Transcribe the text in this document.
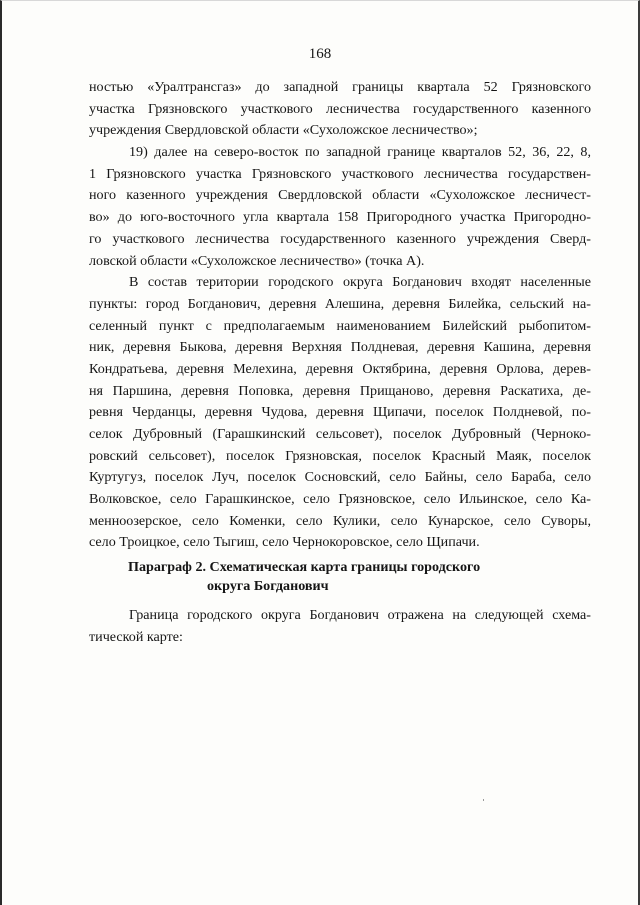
168
ностью «Уралтрансгаз» до западной границы квартала 52 Грязновского
участка Грязновского участкового лесничества государственного казенного
учреждения Свердловской области «Сухоложское лесничество»;
19) далее на северо-восток по западной границе кварталов 52, 36, 22, 8,
1 Грязновского участка Грязновского участкового лесничества государствен-
ного казенного учреждения Свердловской области «Сухоложское лесничест-
во» до юго-восточного угла квартала 158 Пригородного участка Пригородно-
го участкового лесничества государственного казенного учреждения Сверд-
ловской области «Сухоложское лесничество» (точка А).
В состав територии городского округа Богданович входят населенные
пункты: город Богданович, деревня Алешина, деревня Билейка, сельский на-
селенный пункт с предполагаемым наименованием Билейский рыбопитом-
ник, деревня Быкова, деревня Верхняя Полдневая, деревня Кашина, деревня
Кондратьева, деревня Мелехина, деревня Октябрина, деревня Орлова, дерев-
ня Паршина, деревня Поповка, деревня Прищаново, деревня Раскатиха, де-
ревня Черданцы, деревня Чудова, деревня Щипачи, поселок Полдневой, по-
селок Дубровный (Гарашкинский сельсовет), поселок Дубровный (Чернoко-
ровский сельсовет), поселок Грязновская, поселок Красный Маяк, поселок
Куртугуз, поселок Луч, поселок Сосновский, село Байны, село Бараба, село
Волковское, село Гарашкинское, село Грязновское, село Ильинское, село Ка-
менноозерское, село Коменки, село Кулики, село Кунарское, село Суворы,
село Троицкое, село Тыгиш, село Чернокоровское, село Щипачи.
Параграф 2. Схематическая карта границы городского
округа Богданович
Граница городского округа Богданович отражена на следующей схема-
тической карте:
